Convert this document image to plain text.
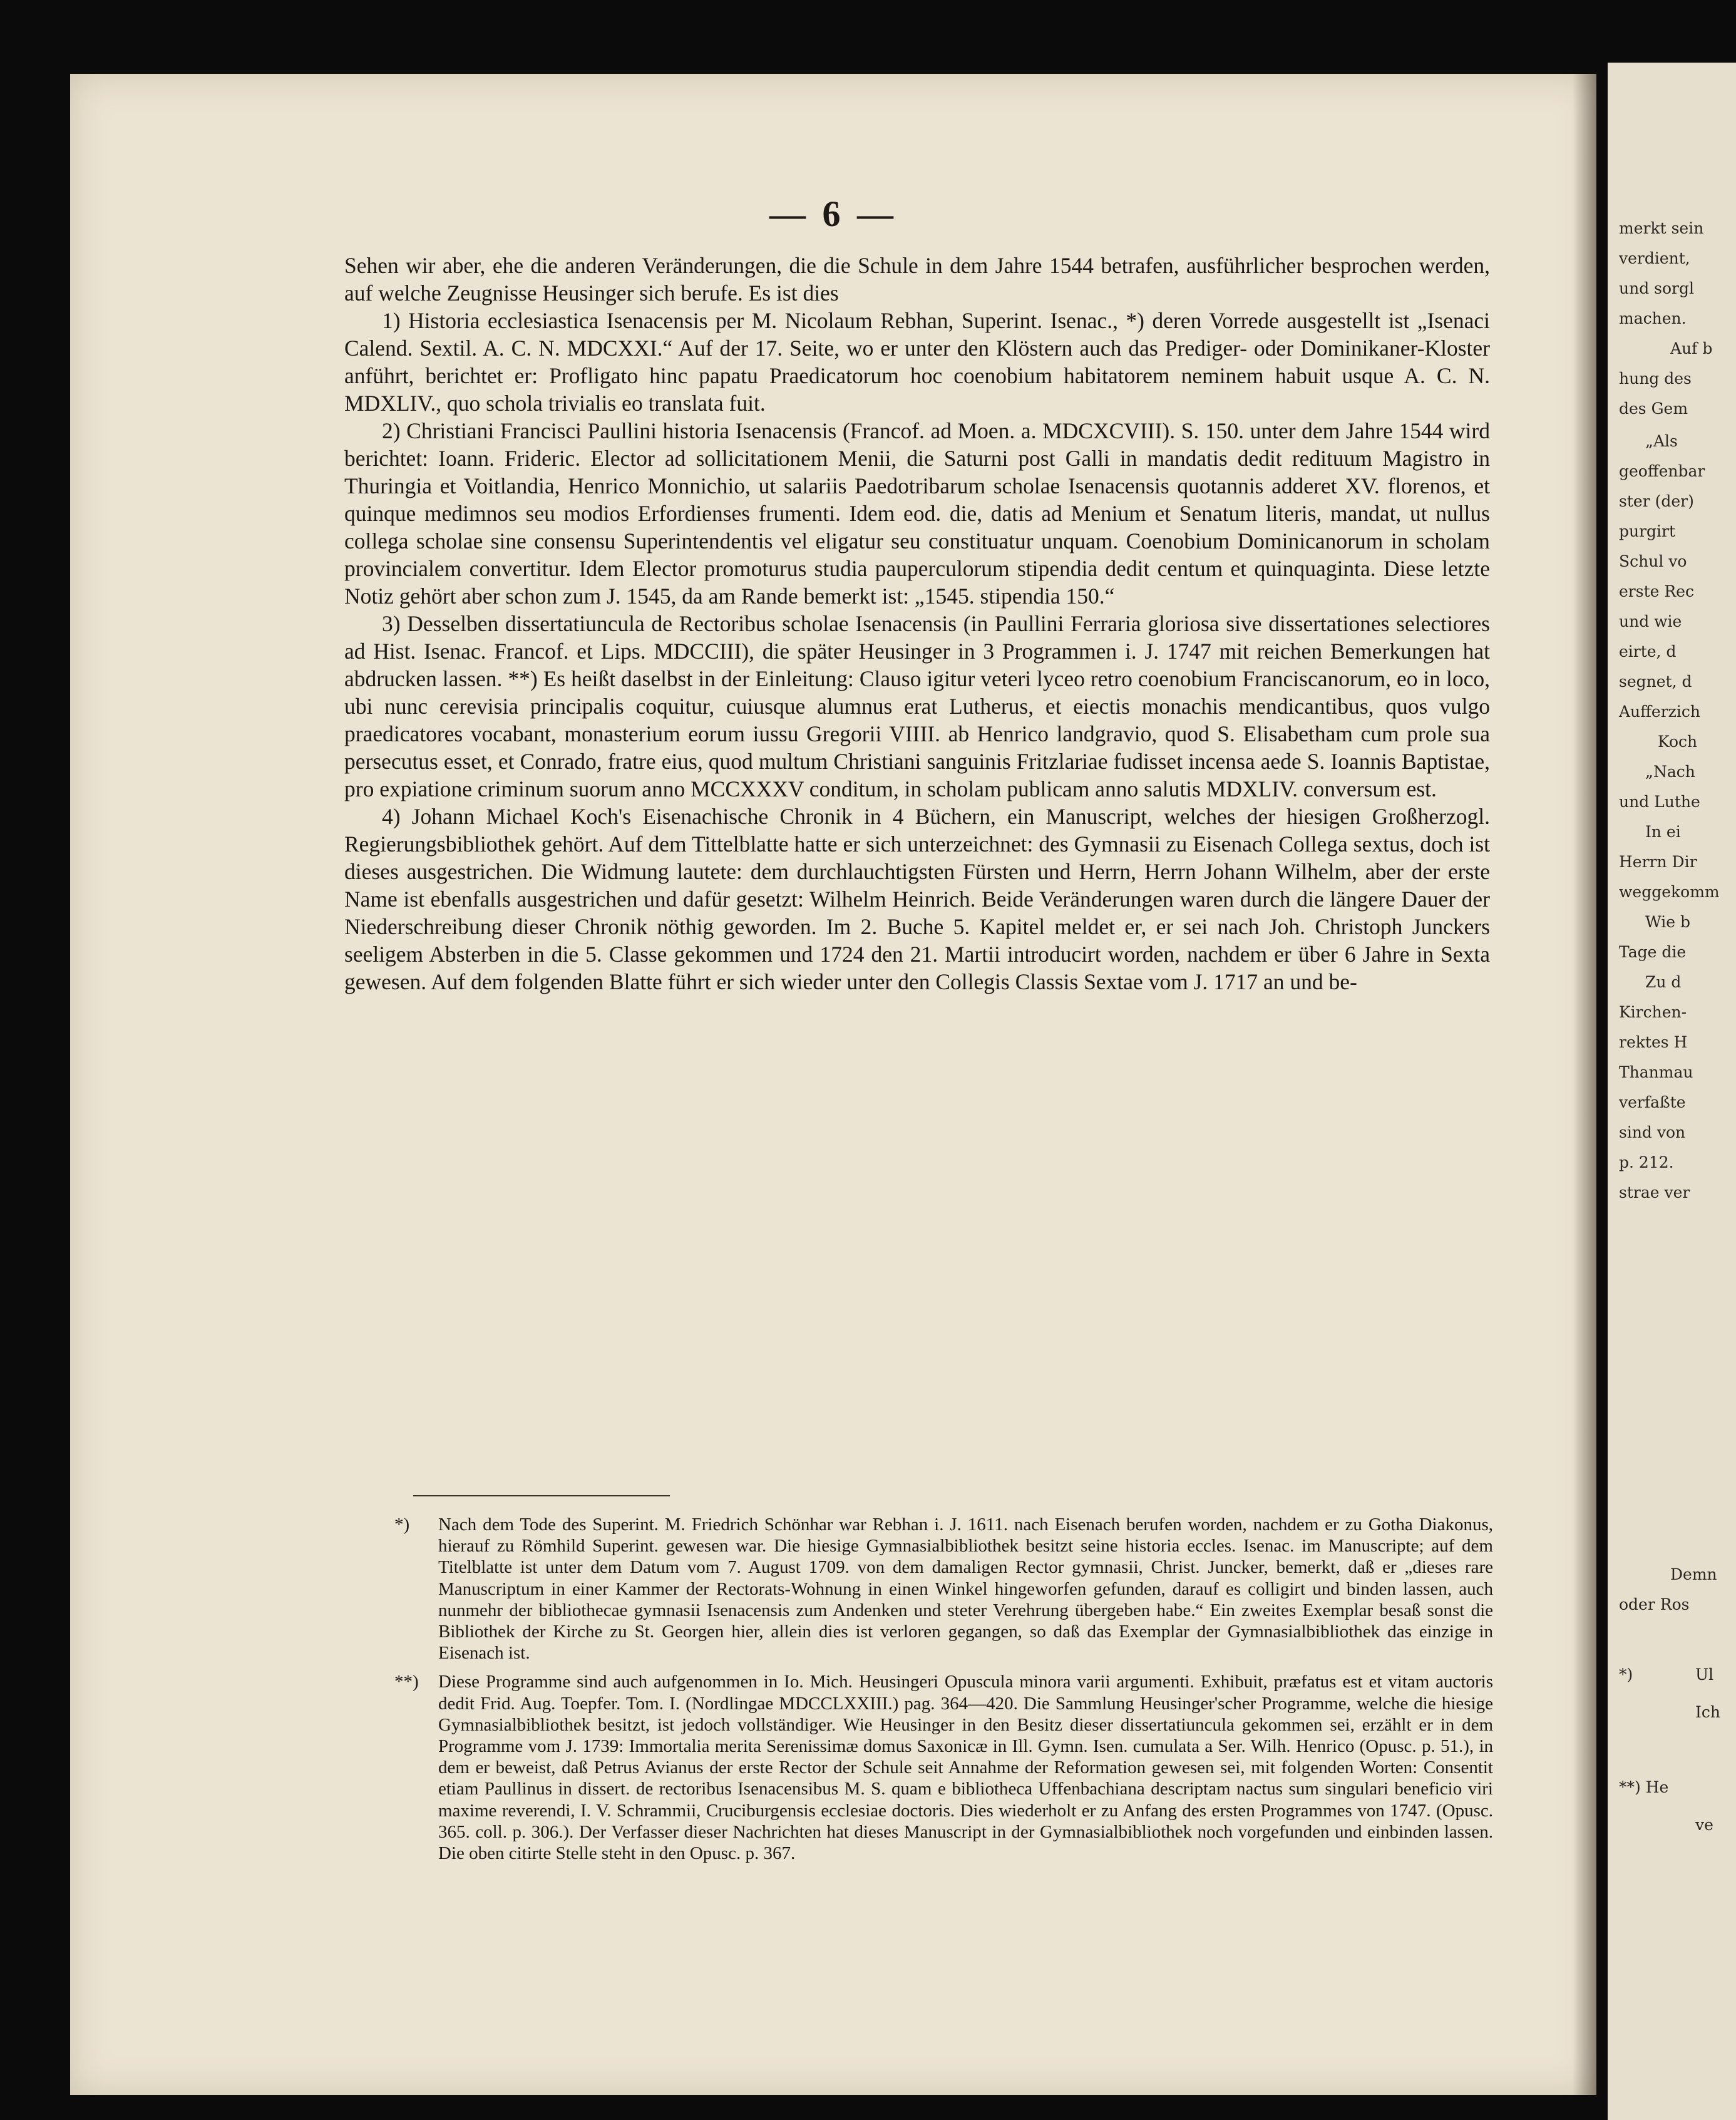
— 6 —

Sehen wir aber, ehe die anderen Veränderungen, die die Schule in dem Jahre 1544 betrafen, ausführlicher besprochen werden, auf welche Zeugnisse Heusinger sich berufe. Es ist dies

1) Historia ecclesiastica Isenacensis per M. Nicolaum Rebhan, Superint. Isenac., *) deren Vorrede ausgestellt ist „Isenaci Calend. Sextil. A. C. N. MDCXXI.“ Auf der 17. Seite, wo er unter den Klöstern auch das Prediger- oder Dominikaner-Kloster anführt, berichtet er: Profligato hinc papatu Praedicatorum hoc coenobium habitatorem neminem habuit usque A. C. N. MDXLIV., quo schola trivialis eo translata fuit.

2) Christiani Francisci Paullini historia Isenacensis (Francof. ad Moen. a. MDCXCVIII). S. 150. unter dem Jahre 1544 wird berichtet: Ioann. Frideric. Elector ad sollicitationem Menii, die Saturni post Galli in mandatis dedit redituum Magistro in Thuringia et Voitlandia, Henrico Monnichio, ut salariis Paedotribarum scholae Isenacensis quotannis adderet XV. florenos, et quinque medimnos seu modios Erfordienses frumenti. Idem eod. die, datis ad Menium et Senatum literis, mandat, ut nullus collega scholae sine consensu Superintendentis vel eligatur seu constituatur unquam. Coenobium Dominicanorum in scholam provincialem convertitur. Idem Elector promoturus studia pauperculorum stipendia dedit centum et quinquaginta. Diese letzte Notiz gehört aber schon zum J. 1545, da am Rande bemerkt ist: „1545. stipendia 150.“

3) Desselben dissertatiuncula de Rectoribus scholae Isenacensis (in Paullini Ferraria gloriosa sive dissertationes selectiores ad Hist. Isenac. Francof. et Lips. MDCCIII), die später Heusinger in 3 Programmen i. J. 1747 mit reichen Bemerkungen hat abdrucken lassen. **) Es heißt daselbst in der Einleitung: Clauso igitur veteri lyceo retro coenobium Franciscanorum, eo in loco, ubi nunc cerevisia principalis coquitur, cuiusque alumnus erat Lutherus, et eiectis monachis mendicantibus, quos vulgo praedicatores vocabant, monasterium eorum iussu Gregorii VIIII. ab Henrico landgravio, quod S. Elisabetham cum prole sua persecutus esset, et Conrado, fratre eius, quod multum Christiani sanguinis Fritzlariae fudisset incensa aede S. Ioannis Baptistae, pro expiatione criminum suorum anno MCCXXXV conditum, in scholam publicam anno salutis MDXLIV. conversum est.

4) Johann Michael Koch's Eisenachische Chronik in 4 Büchern, ein Manuscript, welches der hiesigen Großherzogl. Regierungsbibliothek gehört. Auf dem Tittelblatte hatte er sich unterzeichnet: des Gymnasii zu Eisenach Collega sextus, doch ist dieses ausgestrichen. Die Widmung lautete: dem durchlauchtigsten Fürsten und Herrn, Herrn Johann Wilhelm, aber der erste Name ist ebenfalls ausgestrichen und dafür gesetzt: Wilhelm Heinrich. Beide Veränderungen waren durch die längere Dauer der Niederschreibung dieser Chronik nöthig geworden. Im 2. Buche 5. Kapitel meldet er, er sei nach Joh. Christoph Junckers seeligem Absterben in die 5. Classe gekommen und 1724 den 21. Martii introducirt worden, nachdem er über 6 Jahre in Sexta gewesen. Auf dem folgenden Blatte führt er sich wieder unter den Collegis Classis Sextae vom J. 1717 an und be-

*) Nach dem Tode des Superint. M. Friedrich Schönhar war Rebhan i. J. 1611. nach Eisenach berufen worden, nachdem er zu Gotha Diakonus, hierauf zu Römhild Superint. gewesen war. Die hiesige Gymnasialbibliothek besitzt seine historia eccles. Isenac. im Manuscripte; auf dem Titelblatte ist unter dem Datum vom 7. August 1709. von dem damaligen Rector gymnasii, Christ. Juncker, bemerkt, daß er „dieses rare Manuscriptum in einer Kammer der Rectorats-Wohnung in einen Winkel hingeworfen gefunden, darauf es colligirt und binden lassen, auch nunmehr der bibliothecae gymnasii Isenacensis zum Andenken und steter Verehrung übergeben habe.“ Ein zweites Exemplar besaß sonst die Bibliothek der Kirche zu St. Georgen hier, allein dies ist verloren gegangen, so daß das Exemplar der Gymnasialbibliothek das einzige in Eisenach ist.
**) Diese Programme sind auch aufgenommen in Io. Mich. Heusingeri Opuscula minora varii argumenti. Exhibuit, præfatus est et vitam auctoris dedit Frid. Aug. Toepfer. Tom. I. (Nordlingae MDCCLXXIII.) pag. 364—420. Die Sammlung Heusinger'scher Programme, welche die hiesige Gymnasialbibliothek besitzt, ist jedoch vollständiger. Wie Heusinger in den Besitz dieser dissertatiuncula gekommen sei, erzählt er in dem Programme vom J. 1739: Immortalia merita Serenissimæ domus Saxonicæ in Ill. Gymn. Isen. cumulata a Ser. Wilh. Henrico (Opusc. p. 51.), in dem er beweist, daß Petrus Avianus der erste Rector der Schule seit Annahme der Reformation gewesen sei, mit folgenden Worten: Consentit etiam Paullinus in dissert. de rectoribus Isenacensibus M. S. quam e bibliotheca Uffenbachiana descriptam nactus sum singulari beneficio viri maxime reverendi, I. V. Schrammii, Cruciburgensis ecclesiae doctoris. Dies wiederholt er zu Anfang des ersten Programmes von 1747. (Opusc. 365. coll. p. 306.). Der Verfasser dieser Nachrichten hat dieses Manuscript in der Gymnasialbibliothek noch vorgefunden und einbinden lassen. Die oben citirte Stelle steht in den Opusc. p. 367.
merkt sein
verdient,
und sorgl
machen.
Auf b
hung des
des Gem
„Als
geoffenbar
ster (der)
purgirt
Schul vo
erste Rec
und wie
eirte, d
segnet, d
Aufferzich
Koch
„Nach
und Luthe
In ei
Herrn Dir
weggekomm
Wie b
Tage die
Zu d
Kirchen-
rektes H
Thanmau
verfaßte
sind von
p. 212.
strae ver
Demn
oder Ros
*)	Ul
Ich
**) He
ve
